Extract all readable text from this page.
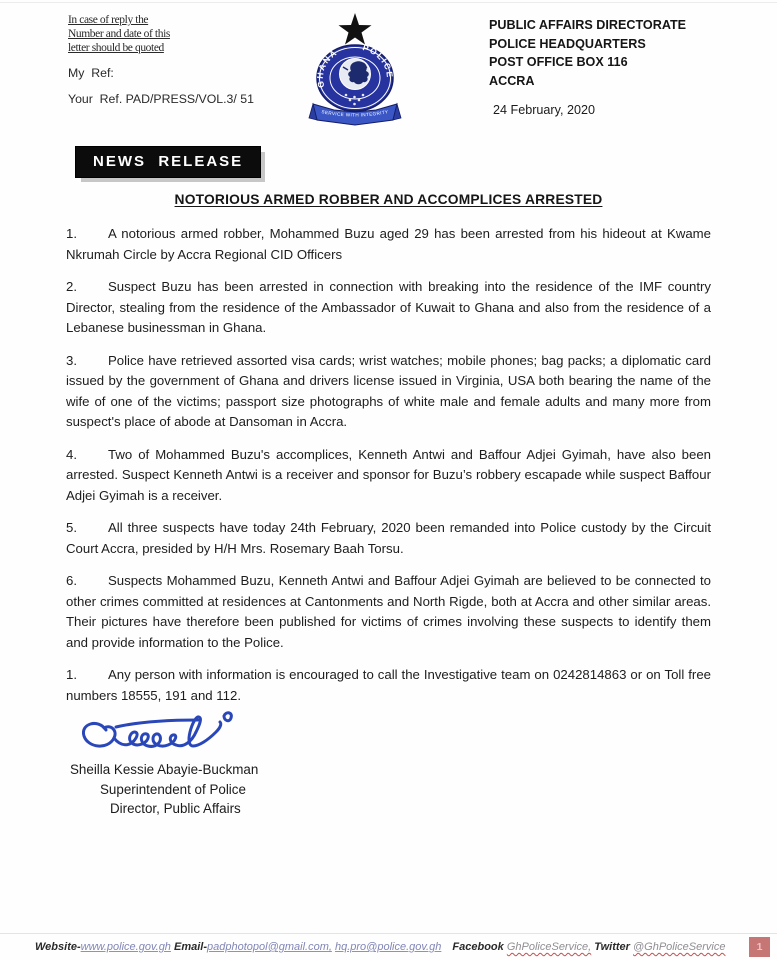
In case of reply the
Number and date of this
letter should be quoted
My  Ref:
Your  Ref. PAD/PRESS/VOL.3/ 51
GHANA	POLICE
SERVICE WITH INTEGRITY
PUBLIC AFFAIRS DIRECTORATE
POLICE HEADQUARTERS
POST OFFICE BOX 116
ACCRA
24 February, 2020
NEWS  RELEASE
NOTORIOUS ARMED ROBBER AND ACCOMPLICES ARRESTED

1. A notorious armed robber, Mohammed Buzu aged 29 has been arrested from his hideout at Kwame Nkrumah Circle by Accra Regional CID Officers

2. Suspect Buzu has been arrested in connection with breaking into the residence of the IMF country Director, stealing from the residence of the Ambassador of Kuwait to Ghana and also from the residence of a Lebanese businessman in Ghana.

3. Police have retrieved assorted visa cards; wrist watches; mobile phones; bag packs; a diplomatic card issued by the government of Ghana and drivers license issued in Virginia, USA both bearing the name of the wife of one of the victims; passport size photographs of white male and female adults and many more from suspect's place of abode at Dansoman in Accra.

4. Two of Mohammed Buzu's accomplices, Kenneth Antwi and Baffour Adjei Gyimah, have also been arrested. Suspect Kenneth Antwi is a receiver and sponsor for Buzu’s robbery escapade while suspect Baffour Adjei Gyimah is a receiver.

5. All three suspects have today 24th February, 2020 been remanded into Police custody by the Circuit Court Accra, presided by H/H Mrs. Rosemary Baah Torsu.

6. Suspects Mohammed Buzu, Kenneth Antwi and Baffour Adjei Gyimah are believed to be connected to other crimes committed at residences at Cantonments and North Rigde, both at Accra and other similar areas. Their pictures have therefore been published for victims of crimes involving these suspects to identify them and provide information to the Police.

1. Any person with information is encouraged to call the Investigative team on 0242814863 or on Toll free numbers 18555, 191 and 112.

Sheilla Kessie Abayie-Buckman
Superintendent of Police
Director, Public Affairs
Website-www.police.gov.gh Email-padphotopol@gmail.com, hq.pro@police.gov.gh Facebook GhPoliceService, Twitter @GhPoliceService	1
